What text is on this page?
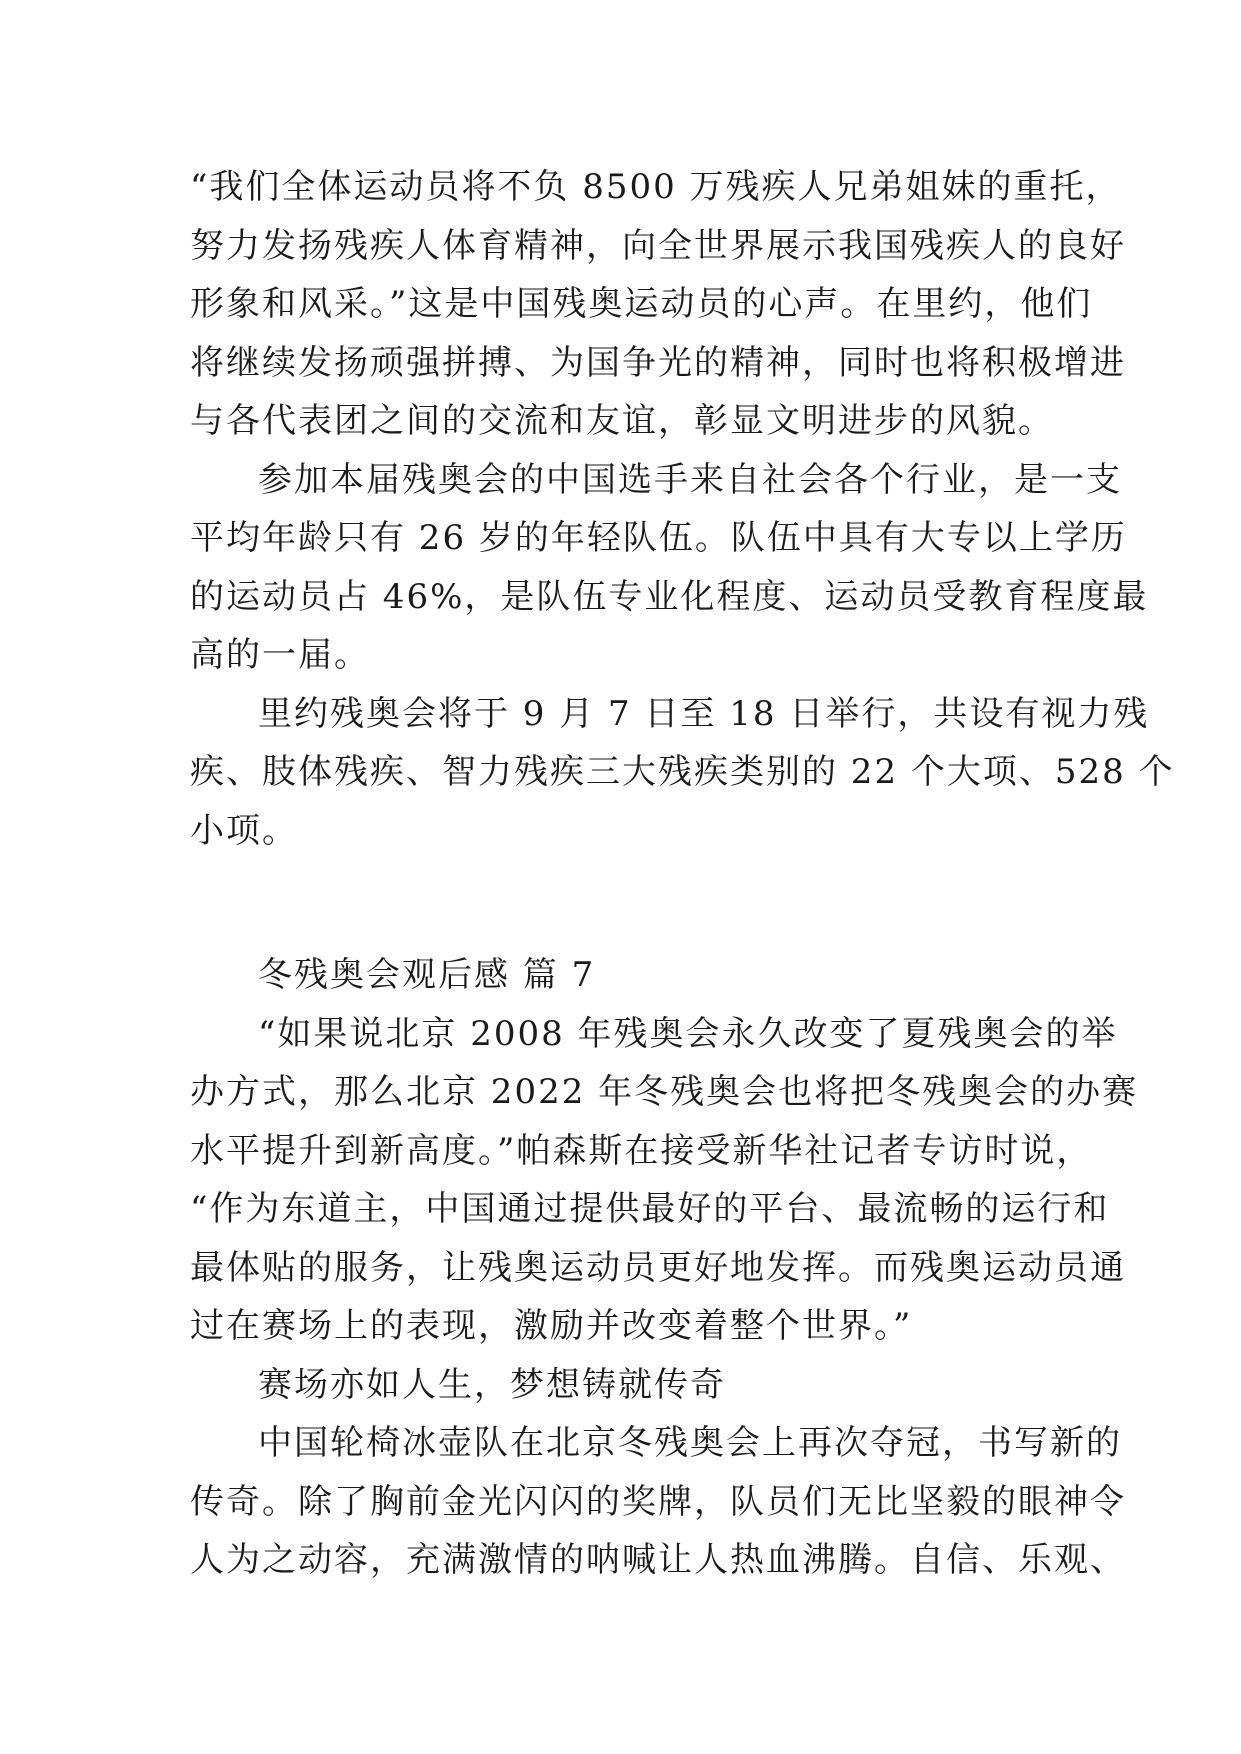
“我们全体运动员将不负 8500 万残疾人兄弟姐妹的重托，
努力发扬残疾人体育精神，向全世界展示我国残疾人的良好
形象和风采。”这是中国残奥运动员的心声。在里约，他们
将继续发扬顽强拼搏、为国争光的精神，同时也将积极增进
与各代表团之间的交流和友谊，彰显文明进步的风貌。
参加本届残奥会的中国选手来自社会各个行业，是一支
平均年龄只有 26 岁的年轻队伍。队伍中具有大专以上学历
的运动员占 46%，是队伍专业化程度、运动员受教育程度最
高的一届。
里约残奥会将于 9 月 7 日至 18 日举行，共设有视力残
疾、肢体残疾、智力残疾三大残疾类别的 22 个大项、528 个
小项。
冬残奥会观后感 篇 7
“如果说北京 2008 年残奥会永久改变了夏残奥会的举
办方式，那么北京 2022 年冬残奥会也将把冬残奥会的办赛
水平提升到新高度。”帕森斯在接受新华社记者专访时说，
“作为东道主，中国通过提供最好的平台、最流畅的运行和
最体贴的服务，让残奥运动员更好地发挥。而残奥运动员通
过在赛场上的表现，激励并改变着整个世界。”
赛场亦如人生，梦想铸就传奇
中国轮椅冰壶队在北京冬残奥会上再次夺冠，书写新的
传奇。除了胸前金光闪闪的奖牌，队员们无比坚毅的眼神令
人为之动容，充满激情的呐喊让人热血沸腾。自信、乐观、
